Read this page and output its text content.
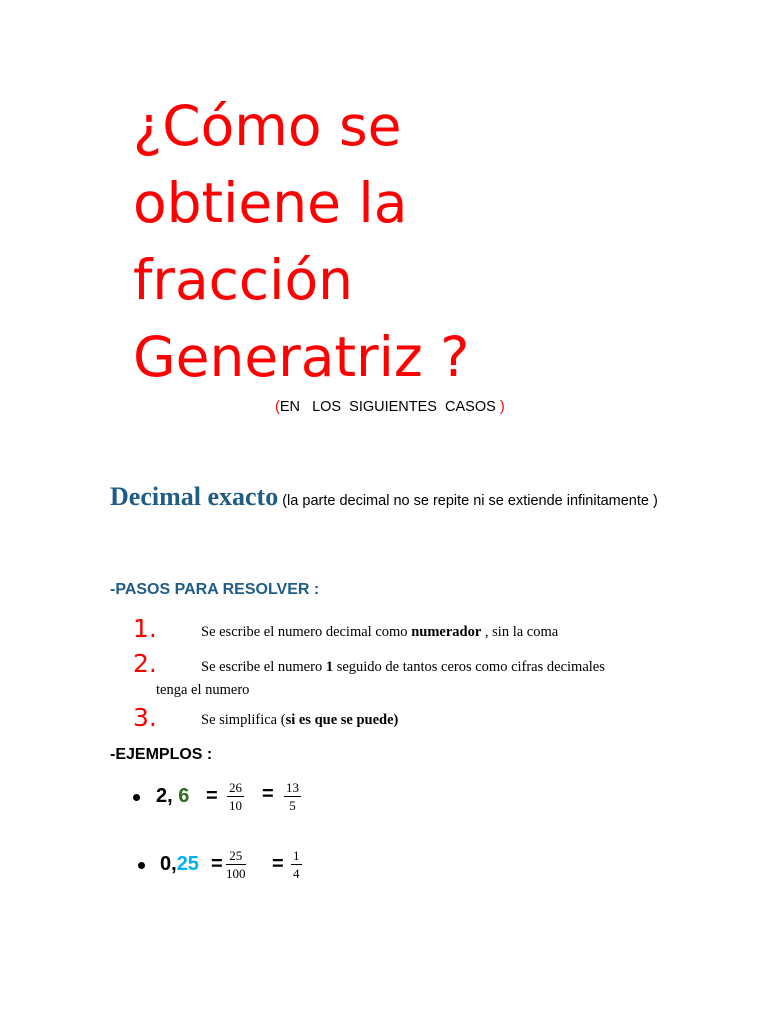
¿Cómo se
obtiene la
fracción
Generatriz ?
(EN   LOS  SIGUIENTES  CASOS )
Decimal exacto (la parte decimal no se repite ni se extiende infinitamente )
-PASOS PARA RESOLVER :
1.	Se escribe el numero decimal como numerador , sin la coma
2.	Se escribe el numero 1 seguido de tantos ceros como cifras decimales
tenga el numero
3.	Se simplifica (si es que se puede)
-EJEMPLOS :
2, $6 = \frac{26}{10} = \frac{13}{5}$
$0,25 = \frac{25}{100} = \frac{1}{4}$
